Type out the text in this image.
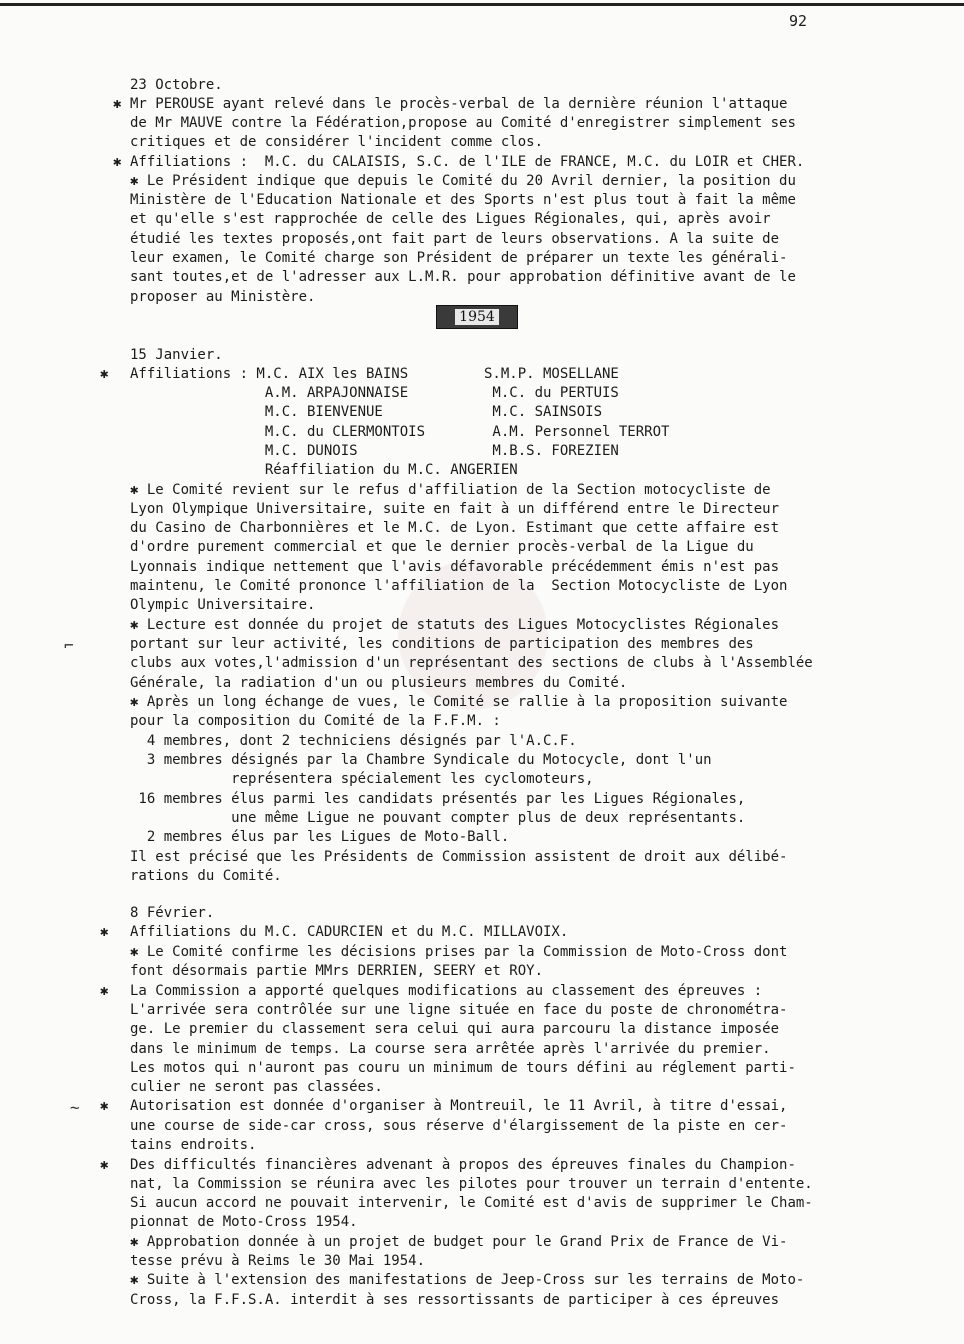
92
1954
⌐
~
23 Octobre.
Mr PEROUSE ayant relevé dans le procès-verbal de la dernière réunion l'attaque
✱
de Mr MAUVE contre la Fédération,propose au Comité d'enregistrer simplement ses
critiques et de considérer l'incident comme clos.
Affiliations :  M.C. du CALAISIS, S.C. de l'ILE de FRANCE, M.C. du LOIR et CHER.
✱
✱ Le Président indique que depuis le Comité du 20 Avril dernier, la position du
Ministère de l'Education Nationale et des Sports n'est plus tout à fait la même
et qu'elle s'est rapprochée de celle des Ligues Régionales, qui, après avoir
étudié les textes proposés,ont fait part de leurs observations. A la suite de
leur examen, le Comité charge son Président de préparer un texte les générali-
sant toutes,et de l'adresser aux L.M.R. pour approbation définitive avant de le
proposer au Ministère.
15 Janvier.
Affiliations : M.C. AIX les BAINS         S.M.P. MOSELLANE
✱
A.M. ARPAJONNAISE          M.C. du PERTUIS
M.C. BIENVENUE             M.C. SAINSOIS
M.C. du CLERMONTOIS        A.M. Personnel TERROT
M.C. DUNOIS                M.B.S. FOREZIEN
Réaffiliation du M.C. ANGERIEN
✱ Le Comité revient sur le refus d'affiliation de la Section motocycliste de
Lyon Olympique Universitaire, suite en fait à un différend entre le Directeur
du Casino de Charbonnières et le M.C. de Lyon. Estimant que cette affaire est
d'ordre purement commercial et que le dernier procès-verbal de la Ligue du
Lyonnais indique nettement que l'avis défavorable précédemment émis n'est pas
maintenu, le Comité prononce l'affiliation de la  Section Motocycliste de Lyon
Olympic Universitaire.
✱ Lecture est donnée du projet de statuts des Ligues Motocyclistes Régionales
portant sur leur activité, les conditions de participation des membres des
clubs aux votes,l'admission d'un représentant des sections de clubs à l'Assemblée
Générale, la radiation d'un ou plusieurs membres du Comité.
✱ Après un long échange de vues, le Comité se rallie à la proposition suivante
pour la composition du Comité de la F.F.M. :
4 membres, dont 2 techniciens désignés par l'A.C.F.
3 membres désignés par la Chambre Syndicale du Motocycle, dont l'un
représentera spécialement les cyclomoteurs,
16 membres élus parmi les candidats présentés par les Ligues Régionales,
une même Ligue ne pouvant compter plus de deux représentants.
2 membres élus par les Ligues de Moto-Ball.
Il est précisé que les Présidents de Commission assistent de droit aux délibé-
rations du Comité.
8 Février.
Affiliations du M.C. CADURCIEN et du M.C. MILLAVOIX.
✱
✱ Le Comité confirme les décisions prises par la Commission de Moto-Cross dont
font désormais partie MMrs DERRIEN, SEERY et ROY.
La Commission a apporté quelques modifications au classement des épreuves :
✱
L'arrivée sera contrôlée sur une ligne située en face du poste de chronométra-
ge. Le premier du classement sera celui qui aura parcouru la distance imposée
dans le minimum de temps. La course sera arrêtée après l'arrivée du premier.
Les motos qui n'auront pas couru un minimum de tours défini au réglement parti-
culier ne seront pas classées.
Autorisation est donnée d'organiser à Montreuil, le 11 Avril, à titre d'essai,
✱
une course de side-car cross, sous réserve d'élargissement de la piste en cer-
tains endroits.
Des difficultés financières advenant à propos des épreuves finales du Champion-
✱
nat, la Commission se réunira avec les pilotes pour trouver un terrain d'entente.
Si aucun accord ne pouvait intervenir, le Comité est d'avis de supprimer le Cham-
pionnat de Moto-Cross 1954.
✱ Approbation donnée à un projet de budget pour le Grand Prix de France de Vi-
tesse prévu à Reims le 30 Mai 1954.
✱ Suite à l'extension des manifestations de Jeep-Cross sur les terrains de Moto-
Cross, la F.F.S.A. interdit à ses ressortissants de participer à ces épreuves
